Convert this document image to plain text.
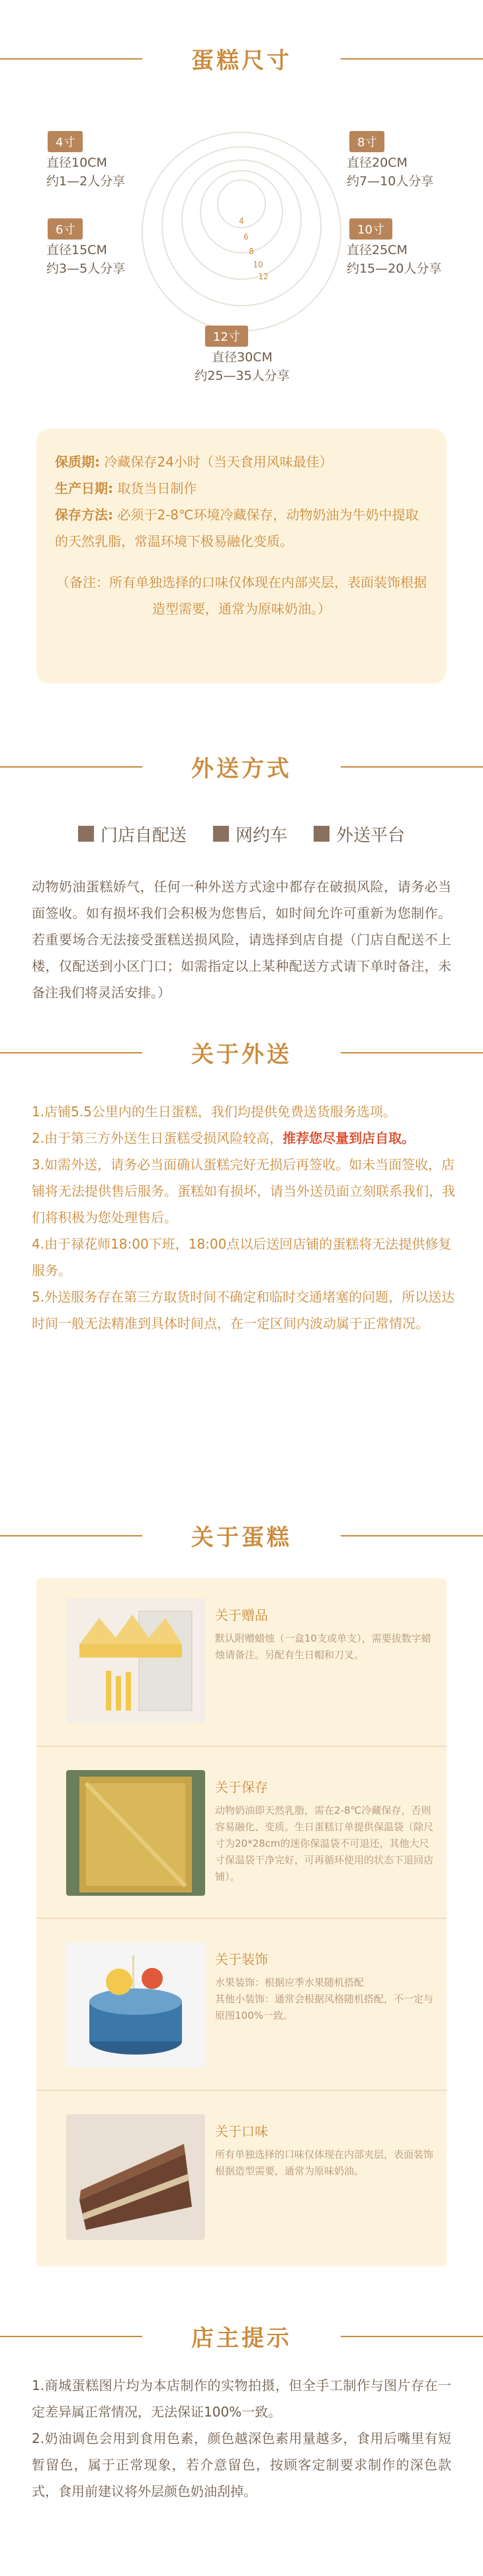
蛋糕尺寸
4
6
8
10
12
4寸
直径10CM
约1—2人分享
6寸
直径15CM
约3—5人分享
8寸
直径20CM
约7—10人分享
10寸
直径25CM
约15—20人分享
12寸
直径30CM
约25—35人分享
保质期: 冷藏保存24小时（当天食用风味最佳）
生产日期: 取货当日制作
保存方法: 必须于2-8℃环境冷藏保存，动物奶油为牛奶中提取的天然乳脂，常温环境下极易融化变质。
（备注：所有单独选择的口味仅体现在内部夹层，表面装饰根据造型需要，通常为原味奶油。）
外送方式
门店自配送	网约车	外送平台
动物奶油蛋糕娇气，任何一种外送方式途中都存在破损风险，请务必当面签收。如有损坏我们会积极为您售后，如时间允许可重新为您制作。若重要场合无法接受蛋糕送损风险，请选择到店自提（门店自配送不上楼，仅配送到小区门口；如需指定以上某种配送方式请下单时备注，未备注我们将灵活安排。）
关于外送
1.店铺5.5公里内的生日蛋糕，我们均提供免费送货服务选项。
2.由于第三方外送生日蛋糕受损风险较高，推荐您尽量到店自取。
3.如需外送，请务必当面确认蛋糕完好无损后再签收。如未当面签收，店铺将无法提供售后服务。蛋糕如有损坏，请当外送员面立刻联系我们，我们将积极为您处理售后。
4.由于禄花师18:00下班，18:00点以后送回店铺的蛋糕将无法提供修复服务。
5.外送服务存在第三方取货时间不确定和临时交通堵塞的问题，所以送达时间一般无法精准到具体时间点，在一定区间内波动属于正常情况。
关于蛋糕
关于赠品
默认附赠蜡烛（一盒10支或单支），需要拔数字蜡烛请备注。另配有生日帽和刀叉。
关于保存
动物奶油即天然乳脂，需在2-8℃冷藏保存，否则容易融化、变质。生日蛋糕订单提供保温袋（除尺寸为20*28cm的迷你保温袋不可退还，其他大尺寸保温袋干净完好，可再循环使用的状态下退回店铺）。
关于装饰
水果装饰：根据应季水果随机搭配
其他小装饰：通常会根据风格随机搭配，不一定与原图100%一致。
关于口味
所有单独选择的口味仅体现在内部夹层，表面装饰根据造型需要，通常为原味奶油。
店主提示
1.商城蛋糕图片均为本店制作的实物拍摄，但全手工制作与图片存在一定差异属正常情况，无法保证100%一致。
2.奶油调色会用到食用色素，颜色越深色素用量越多，食用后嘴里有短暂留色，属于正常现象，若介意留色，按顾客定制要求制作的深色款式，食用前建议将外层颜色奶油刮掉。
